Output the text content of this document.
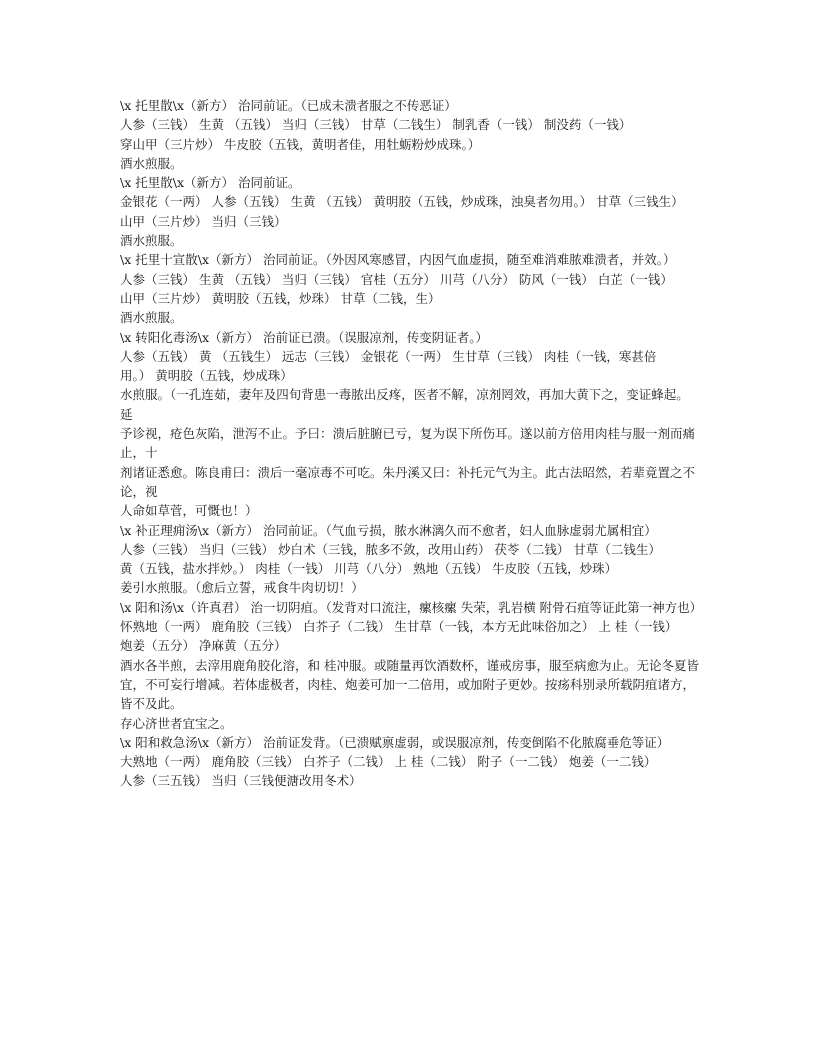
\x 托里散\x（新方） 治同前证。（已成未溃者服之不传恶证）

人参（三钱） 生黄 （五钱） 当归（三钱） 甘草（二钱生） 制乳香（一钱） 制没药（一钱）

穿山甲（三片炒） 牛皮胶（五钱，黄明者佳，用牡蛎粉炒成珠。）

酒水煎服。

\x 托里散\x（新方） 治同前证。

金银花（一两） 人参（五钱） 生黄 （五钱） 黄明胶（五钱，炒成珠，浊臭者勿用。） 甘草（三钱生）

山甲（三片炒） 当归（三钱）

酒水煎服。

\x 托里十宣散\x（新方） 治同前证。（外因风寒感冒，内因气血虚损，随至难消难脓难溃者，并效。）

人参（三钱） 生黄 （五钱） 当归（三钱） 官桂（五分） 川芎（八分） 防风（一钱） 白芷（一钱）

山甲（三片炒） 黄明胶（五钱，炒珠） 甘草（二钱，生）

酒水煎服。

\x 转阳化毒汤\x（新方） 治前证已溃。（误服凉剂，传变阴证者。）

人参（五钱） 黄 （五钱生） 远志（三钱） 金银花（一两） 生甘草（三钱） 肉桂（一钱，寒甚倍

用。） 黄明胶（五钱，炒成珠）

水煎服。（一孔连茹，妻年及四旬背患一毒脓出反疼，医者不解，凉剂罔效，再加大黄下之，变证蜂起。延

予诊视，疮色灰陷，泄泻不止。予曰：溃后脏腑已亏，复为误下所伤耳。遂以前方倍用肉桂与服一剂而痛止，十

剂诸证悉愈。陈良甫曰：溃后一毫凉毒不可吃。朱丹溪又曰：补托元气为主。此古法昭然，若辈竟置之不论，视

人命如草菅，可慨也！）

\x 补正理痈汤\x（新方） 治同前证。（气血亏损，脓水淋漓久而不愈者，妇人血脉虚弱尤属相宜）

人参（三钱） 当归（三钱） 炒白术（三钱，脓多不敛，改用山药） 茯苓（二钱） 甘草（二钱生）

黄（五钱，盐水拌炒。） 肉桂（一钱） 川芎（八分） 熟地（五钱） 牛皮胶（五钱，炒珠）

姜引水煎服。（愈后立誓，戒食牛肉切切！）

\x 阳和汤\x（许真君） 治一切阴疽。（发背对口流注，瘰核瘰 失荣，乳岩横 附骨石疽等证此第一神方也）

怀熟地（一两） 鹿角胶（三钱） 白芥子（二钱） 生甘草（一钱，本方无此味俗加之） 上 桂（一钱）

炮姜（五分） 净麻黄（五分）

酒水各半煎，去滓用鹿角胶化溶，和 桂冲服。或随量再饮酒数杯，谨戒房事，服至病愈为止。无论冬夏皆

宜，不可妄行增减。若体虚极者，肉桂、炮姜可加一二倍用，或加附子更妙。按疡科别录所载阴疽诸方，皆不及此。

存心济世者宜宝之。

\x 阳和救急汤\x（新方） 治前证发背。（已溃赋禀虚弱，或误服凉剂，传变倒陷不化脓腐垂危等证）

大熟地（一两） 鹿角胶（三钱） 白芥子（二钱） 上 桂（二钱） 附子（一二钱） 炮姜（一二钱）

人参（三五钱） 当归（三钱便溏改用冬术）
